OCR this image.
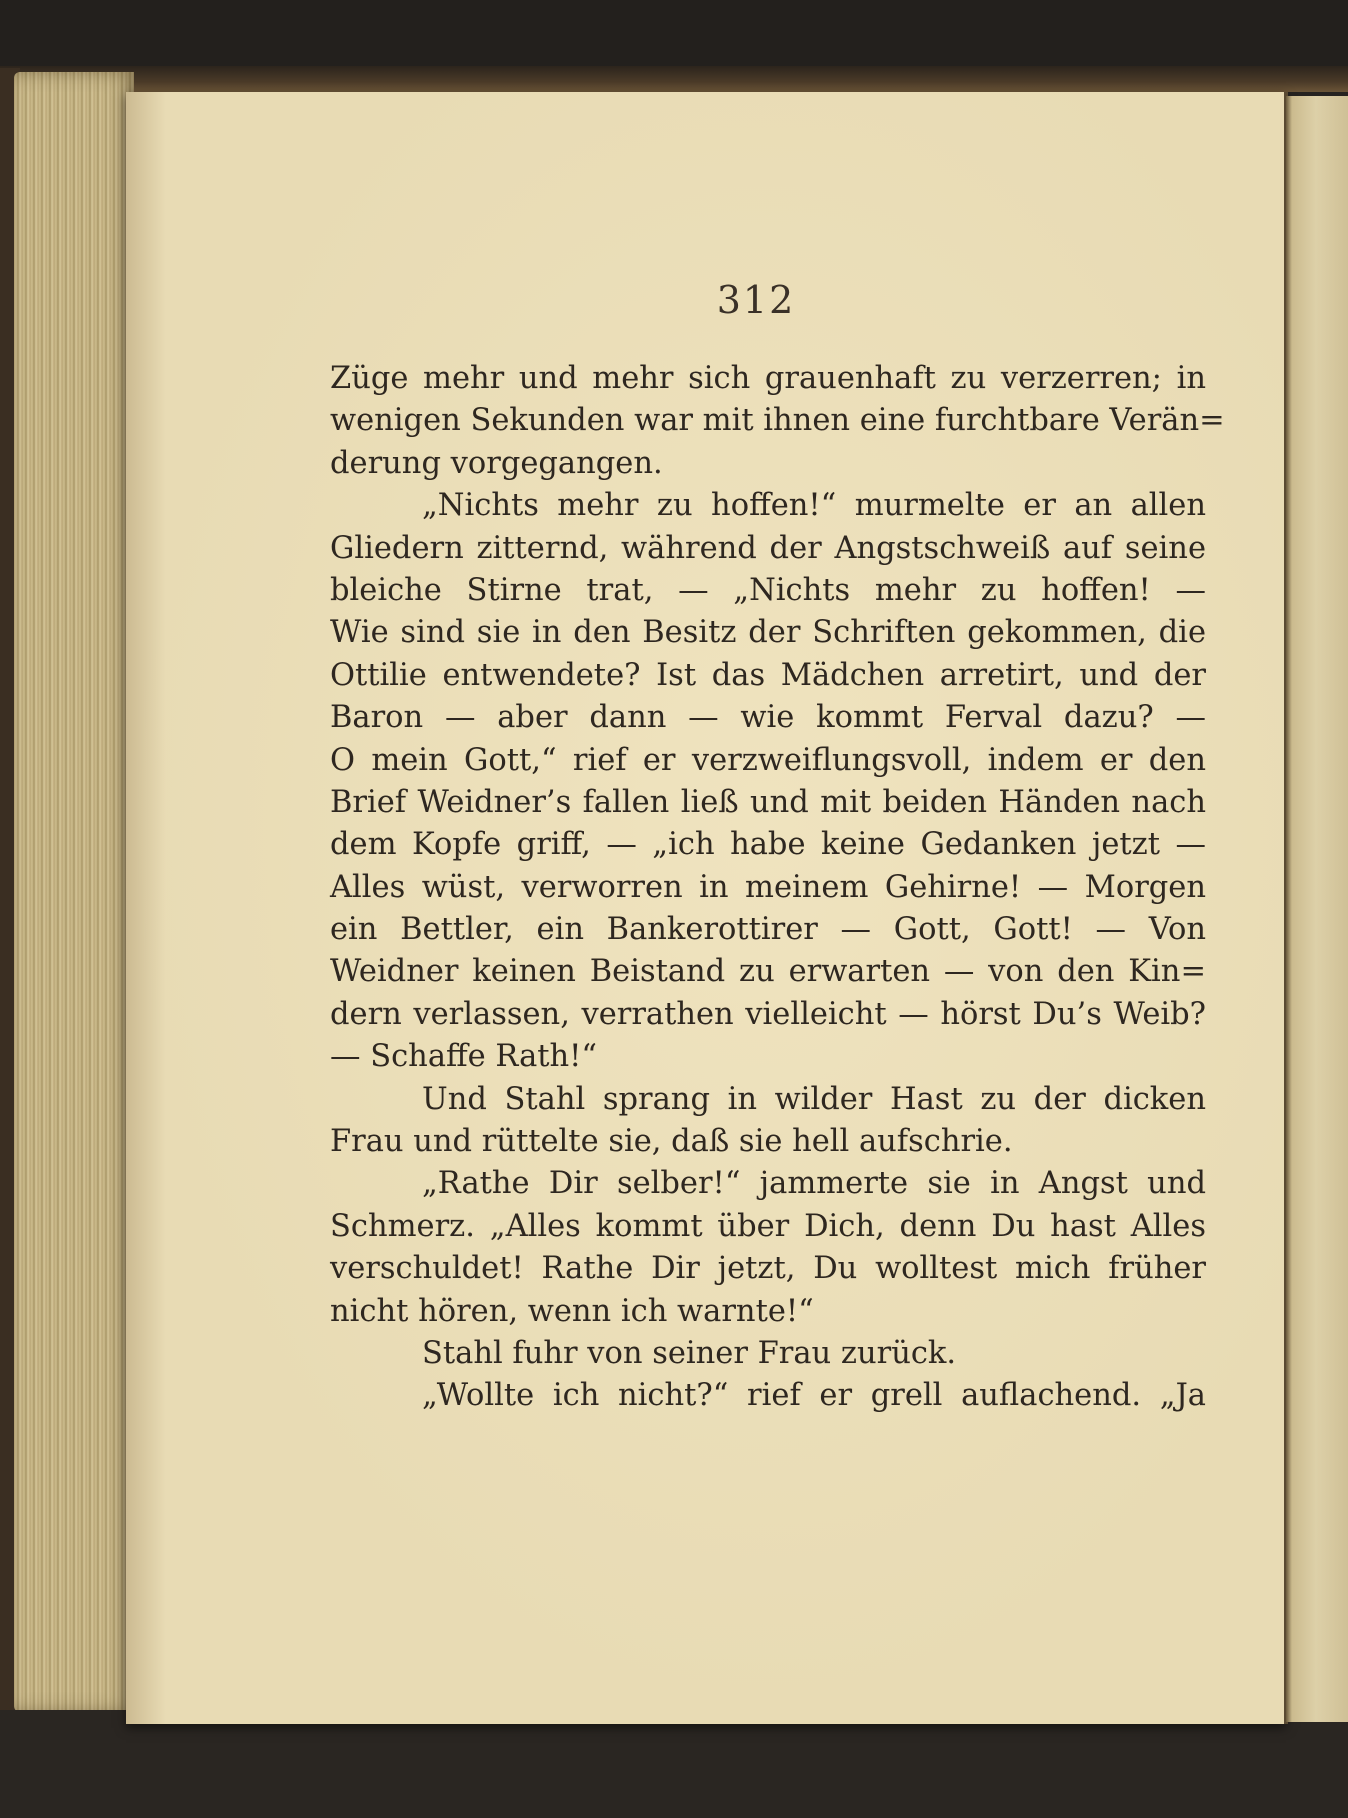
312
Züge mehr und mehr sich grauenhaft zu verzerren; in
wenigen Sekunden war mit ihnen eine furchtbare Verän=
derung vorgegangen.
„Nichts mehr zu hoffen!“ murmelte er an allen
Gliedern zitternd, während der Angstschweiß auf seine
bleiche Stirne trat, — „Nichts mehr zu hoffen! —
Wie sind sie in den Besitz der Schriften gekommen, die
Ottilie entwendete? Ist das Mädchen arretirt, und der
Baron — aber dann — wie kommt Ferval dazu? —
O mein Gott,“ rief er verzweiflungsvoll, indem er den
Brief Weidner’s fallen ließ und mit beiden Händen nach
dem Kopfe griff, — „ich habe keine Gedanken jetzt —
Alles wüst, verworren in meinem Gehirne! — Morgen
ein Bettler, ein Bankerottirer — Gott, Gott! — Von
Weidner keinen Beistand zu erwarten — von den Kin=
dern verlassen, verrathen vielleicht — hörst Du’s Weib?
— Schaffe Rath!“
Und Stahl sprang in wilder Hast zu der dicken
Frau und rüttelte sie, daß sie hell aufschrie.
„Rathe Dir selber!“ jammerte sie in Angst und
Schmerz. „Alles kommt über Dich, denn Du hast Alles
verschuldet! Rathe Dir jetzt, Du wolltest mich früher
nicht hören, wenn ich warnte!“
Stahl fuhr von seiner Frau zurück.
„Wollte ich nicht?“ rief er grell auflachend. „Ja
